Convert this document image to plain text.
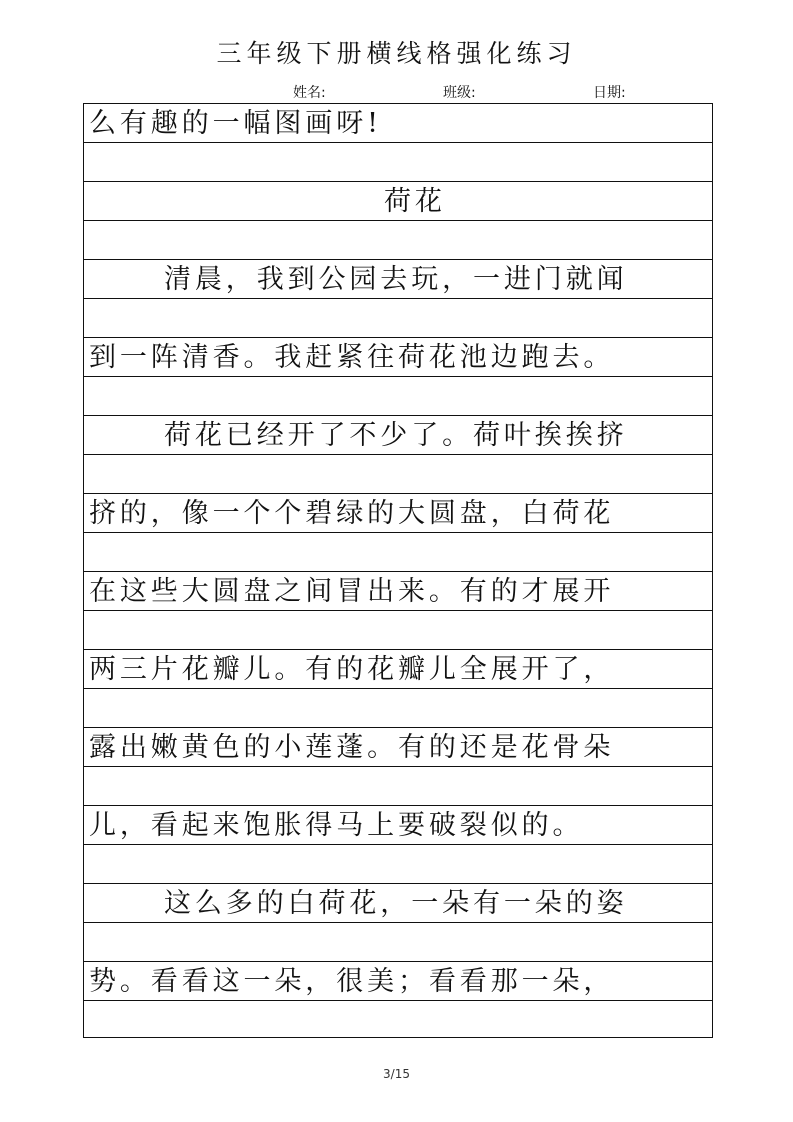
三年级下册横线格强化练习
姓名:	班级:	日期:
么有趣的一幅图画呀!
荷花
清晨，我到公园去玩，一进门就闻
到一阵清香。我赶紧往荷花池边跑去。
荷花已经开了不少了。荷叶挨挨挤
挤的，像一个个碧绿的大圆盘，白荷花
在这些大圆盘之间冒出来。有的才展开
两三片花瓣儿。有的花瓣儿全展开了，
露出嫩黄色的小莲蓬。有的还是花骨朵
儿，看起来饱胀得马上要破裂似的。
这么多的白荷花，一朵有一朵的姿
势。看看这一朵，很美；看看那一朵，
3/15
